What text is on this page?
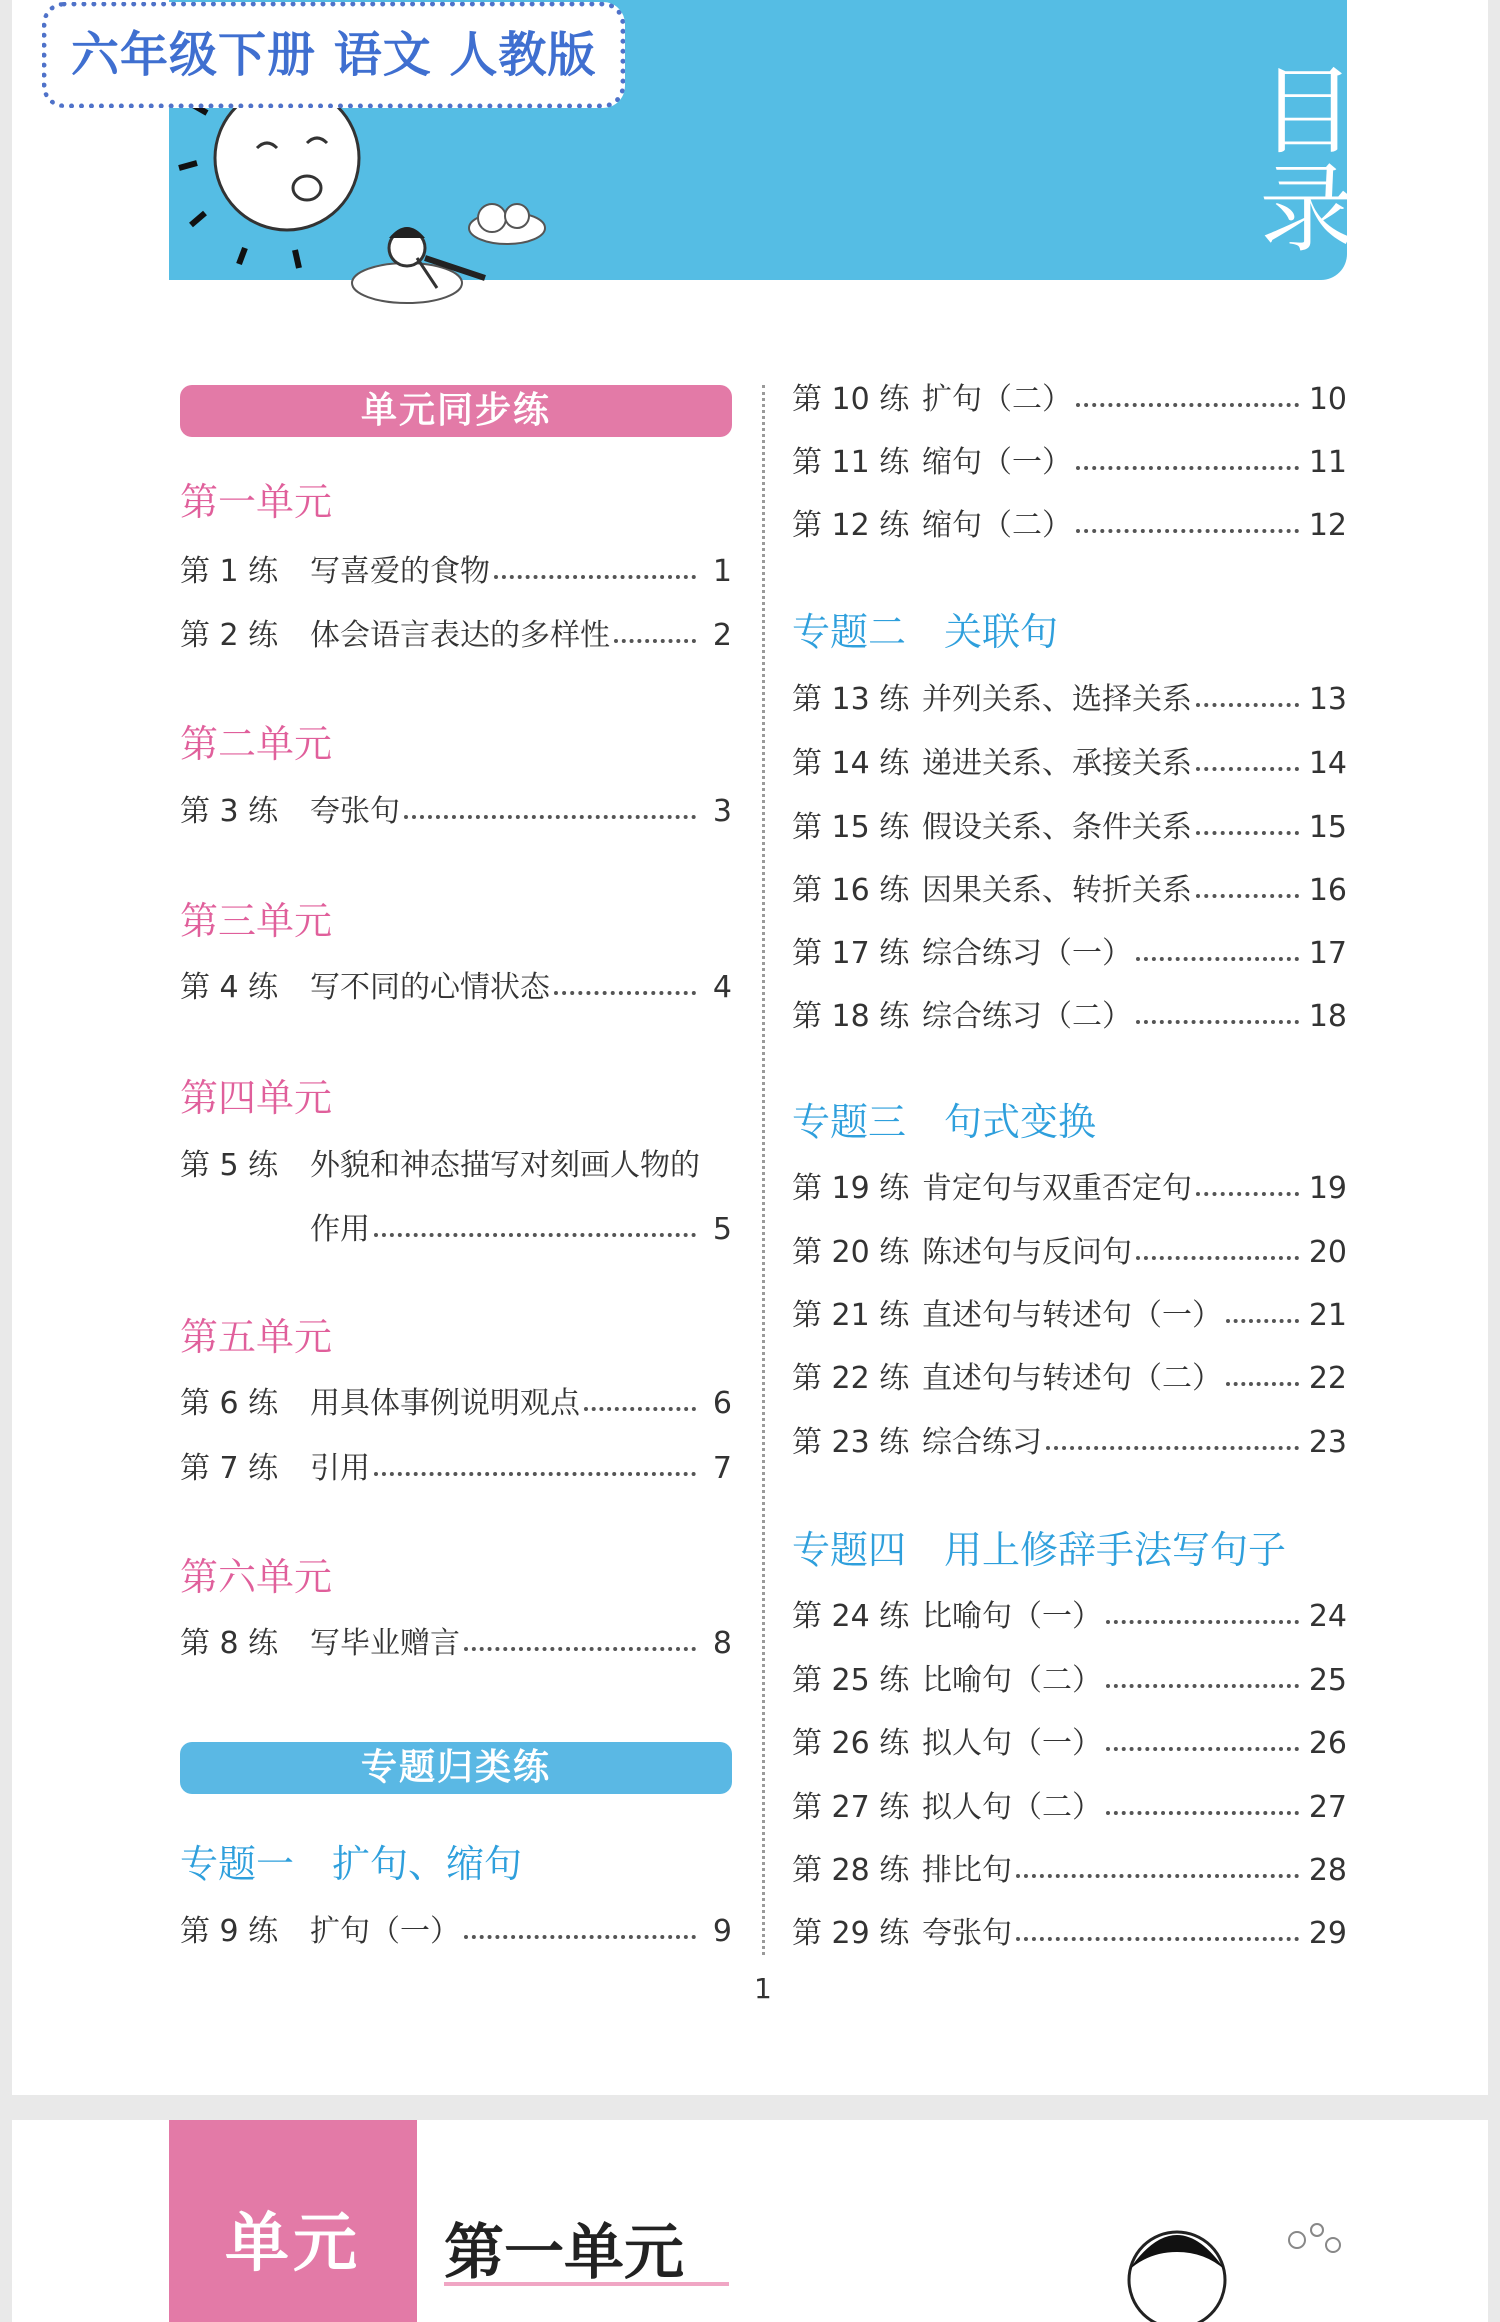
六年级下册 语文 人教版
目录
单元同步练
第一单元
第 1 练	写喜爱的食物	1
第 2 练	体会语言表达的多样性	2
第二单元
第 3 练	夸张句	3
第三单元
第 4 练	写不同的心情状态	4
第四单元
第 5 练	外貌和神态描写对刻画人物的
作用	5
第五单元
第 6 练	用具体事例说明观点	6
第 7 练	引用	7
第六单元
第 8 练	写毕业赠言	8
专题归类练
专题一 扩句、缩句
第 9 练	扩句（一）	9
第 10 练 扩句（二）	10
第 11 练 缩句（一）	11
第 12 练 缩句（二）	12
专题二 关联句
第 13 练 并列关系、选择关系	13
第 14 练 递进关系、承接关系	14
第 15 练 假设关系、条件关系	15
第 16 练 因果关系、转折关系	16
第 17 练 综合练习（一）	17
第 18 练 综合练习（二）	18
专题三 句式变换
第 19 练 肯定句与双重否定句	19
第 20 练 陈述句与反问句	20
第 21 练 直述句与转述句（一）	21
第 22 练 直述句与转述句（二）	22
第 23 练 综合练习	23
专题四 用上修辞手法写句子
第 24 练 比喻句（一）	24
第 25 练 比喻句（二）	25
第 26 练 拟人句（一）	26
第 27 练 拟人句（二）	27
第 28 练 排比句	28
第 29 练 夸张句	29
1
单元	第一单元
